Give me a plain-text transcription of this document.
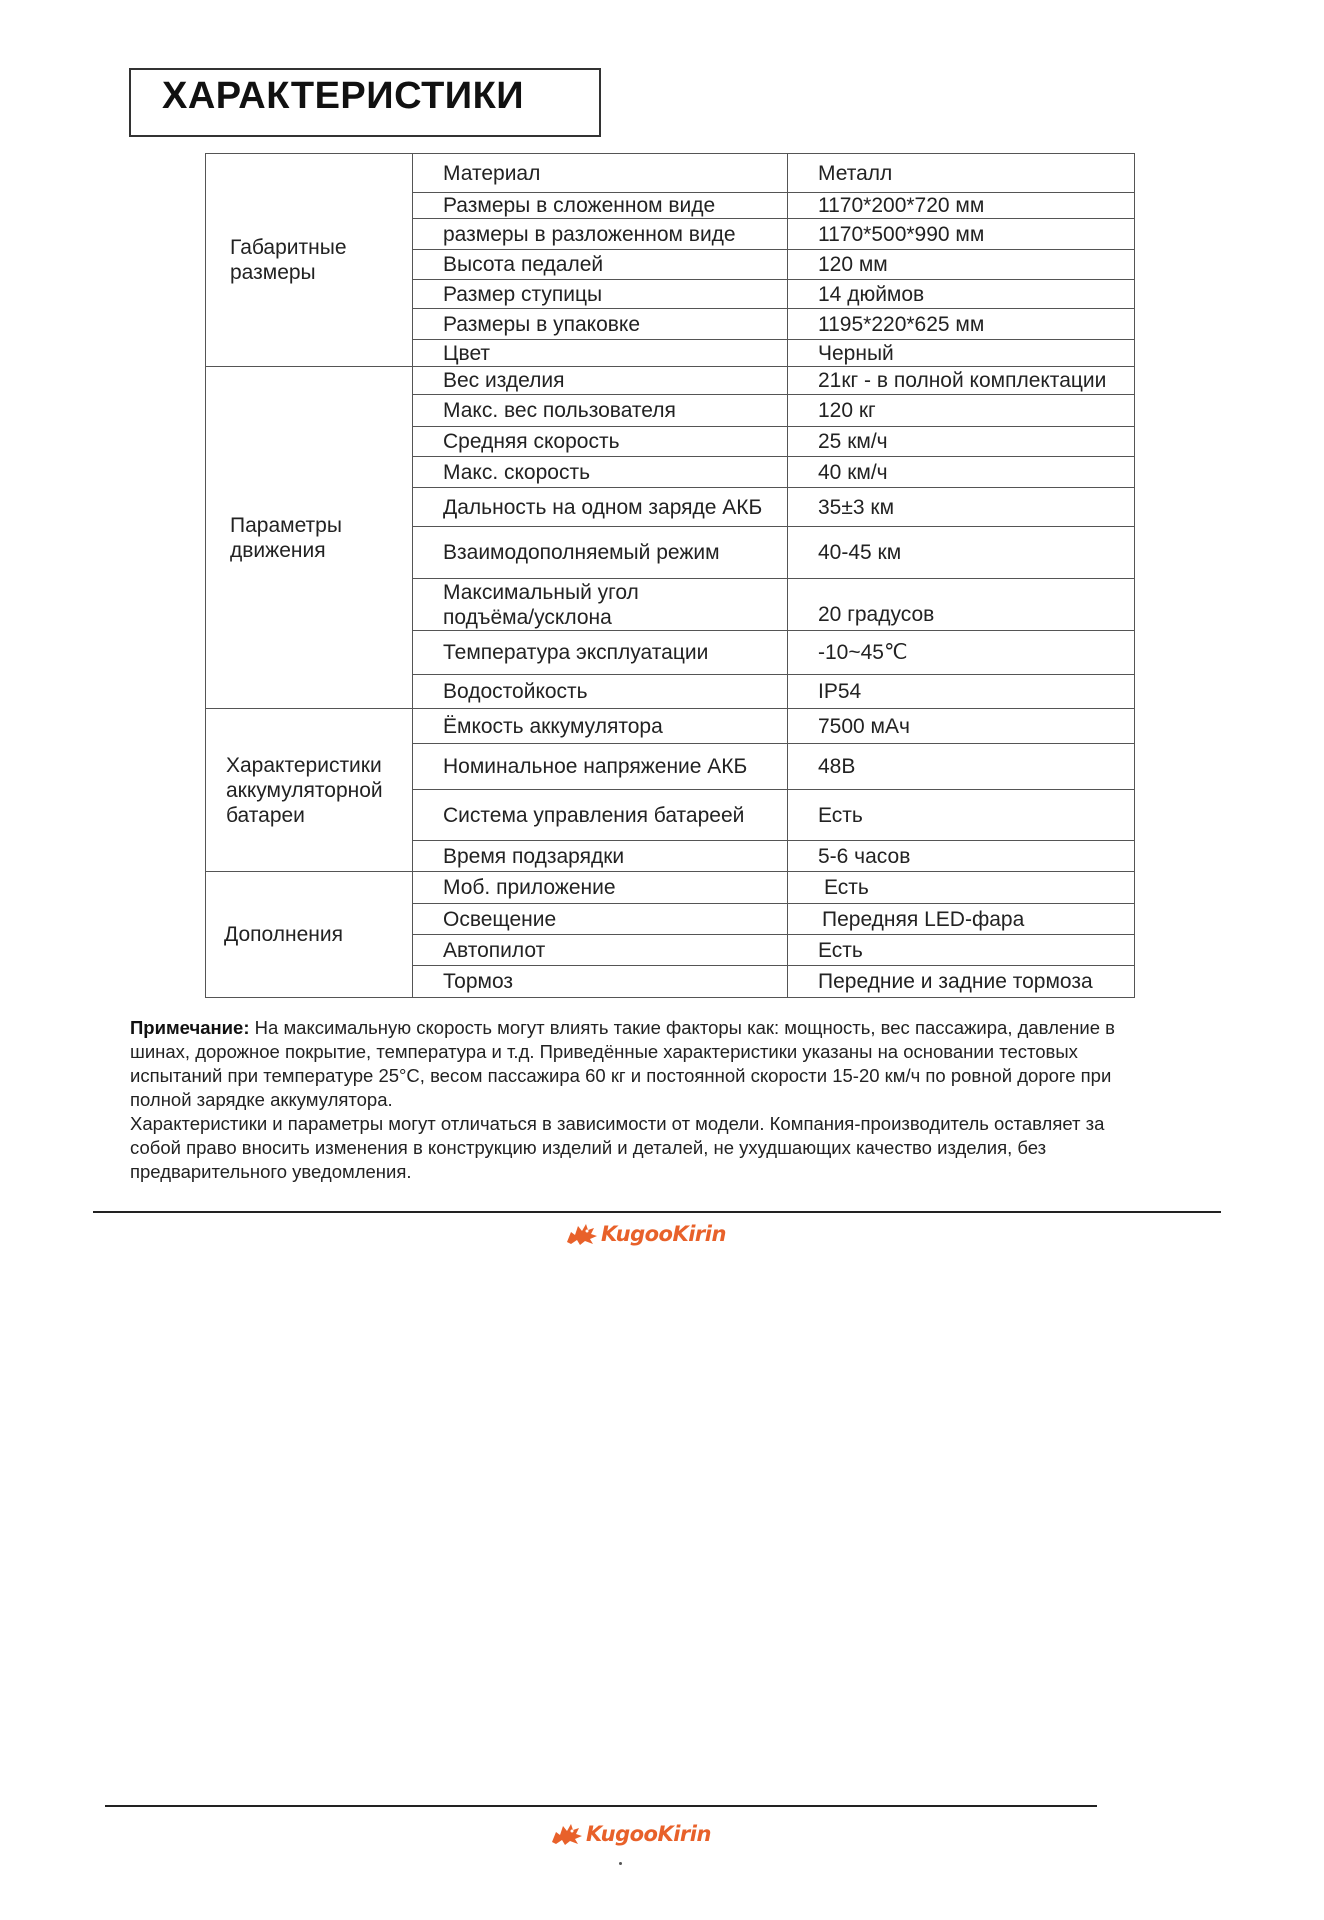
ХАРАКТЕРИСТИКИ
Габаритные размеры	Материал	Металл
	Размеры в сложенном виде	1170*200*720 мм
	размеры в разложенном виде	1170*500*990 мм
	Высота педалей	120 мм
	Размер ступицы	14 дюймов
	Размеры в упаковке	1195*220*625 мм
	Цвет	Черный
Параметры движения	Вес изделия	21кг - в полной комплектации
	Макс. вес пользователя	120 кг
	Средняя скорость	25 км/ч
	Макс. скорость	40 км/ч
	Дальность на одном заряде АКБ	35±3 км
	Взаимодополняемый режим	40-45 км
	Максимальный угол подъёма/усклона	20 градусов
	Температура эксплуатации	-10~45℃
	Водостойкость	IP54
Характеристики аккумуляторной батареи	Ёмкость аккумулятора	7500 мАч
	Номинальное напряжение АКБ	48В
	Система управления батареей	Есть
	Время подзарядки	5-6 часов
Дополнения	Моб. приложение	Есть
	Освещение	Передняя LED-фара
	Автопилот	Есть
	Тормоз	Передние и задние тормоза
Примечание: На максимальную скорость могут влиять такие факторы как: мощность, вес пассажира, давление в шинах, дорожное покрытие, температура и т.д. Приведённые характеристики указаны на основании тестовых испытаний при температуре 25°C, весом пассажира 60 кг и постоянной скорости 15-20 км/ч по ровной дороге при полной зарядке аккумулятора.
Характеристики и параметры могут отличаться в зависимости от модели. Компания-производитель оставляет за собой право вносить изменения в конструкцию изделий и деталей, не ухудшающих качество изделия, без предварительного уведомления.
KugooKirin
KugooKirin
